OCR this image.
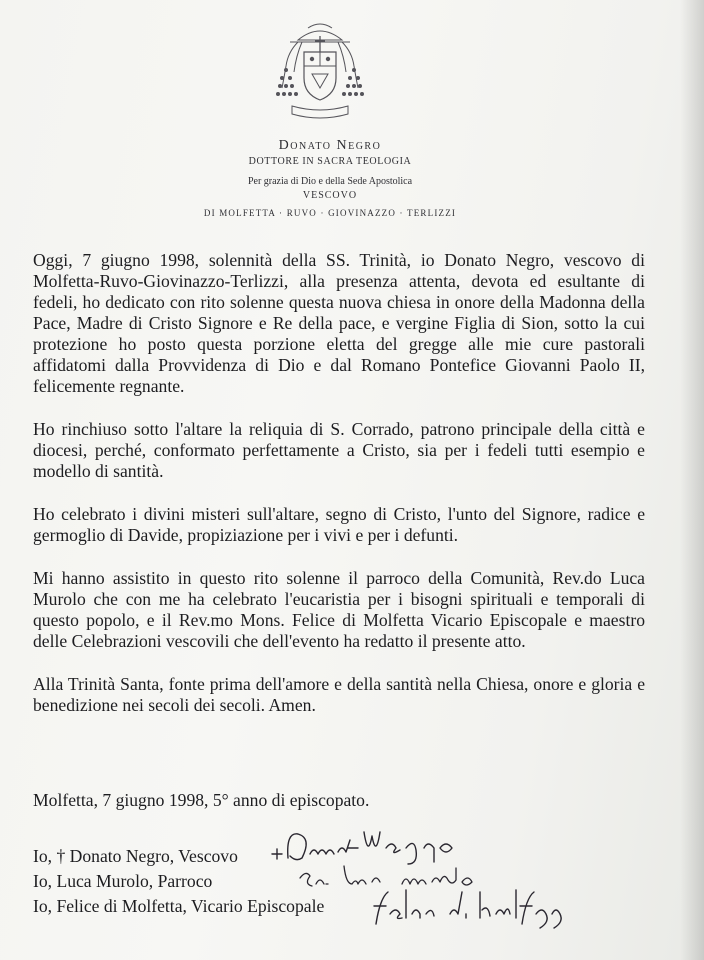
Donato Negro
DOTTORE IN SACRA TEOLOGIA
Per grazia di Dio e della Sede Apostolica
VESCOVO
DI MOLFETTA · RUVO · GIOVINAZZO · TERLIZZI

Oggi, 7 giugno 1998, solennità della SS. Trinità, io Donato Negro, vescovo di Molfetta-Ruvo-Giovinazzo-Terlizzi, alla presenza attenta, devota ed esultante di fedeli, ho dedicato con rito solenne questa nuova chiesa in onore della Madonna della Pace, Madre di Cristo Signore e Re della pace, e vergine Figlia di Sion, sotto la cui protezione ho posto questa porzione eletta del gregge alle mie cure pastorali affidatomi dalla Provvidenza di Dio e dal Romano Pontefice Giovanni Paolo II, felicemente regnante.

Ho rinchiuso sotto l'altare la reliquia di S. Corrado, patrono principale della città e diocesi, perché, conformato perfettamente a Cristo, sia per i fedeli tutti esempio e modello di santità.

Ho celebrato i divini misteri sull'altare, segno di Cristo, l'unto del Signore, radice e germoglio di Davide, propiziazione per i vivi e per i defunti.

Mi hanno assistito in questo rito solenne il parroco della Comunità, Rev.do Luca Murolo che con me ha celebrato l'eucaristia per i bisogni spirituali e temporali di questo popolo, e il Rev.mo Mons. Felice di Molfetta Vicario Episcopale e maestro delle Celebrazioni vescovili che dell'evento ha redatto il presente atto.

Alla Trinità Santa, fonte prima dell'amore e della santità nella Chiesa, onore e gloria e benedizione nei secoli dei secoli. Amen.

Molfetta, 7 giugno 1998, 5° anno di episcopato.
Io, † Donato Negro, Vescovo
Io, Luca Murolo, Parroco
Io, Felice di Molfetta, Vicario Episcopale
